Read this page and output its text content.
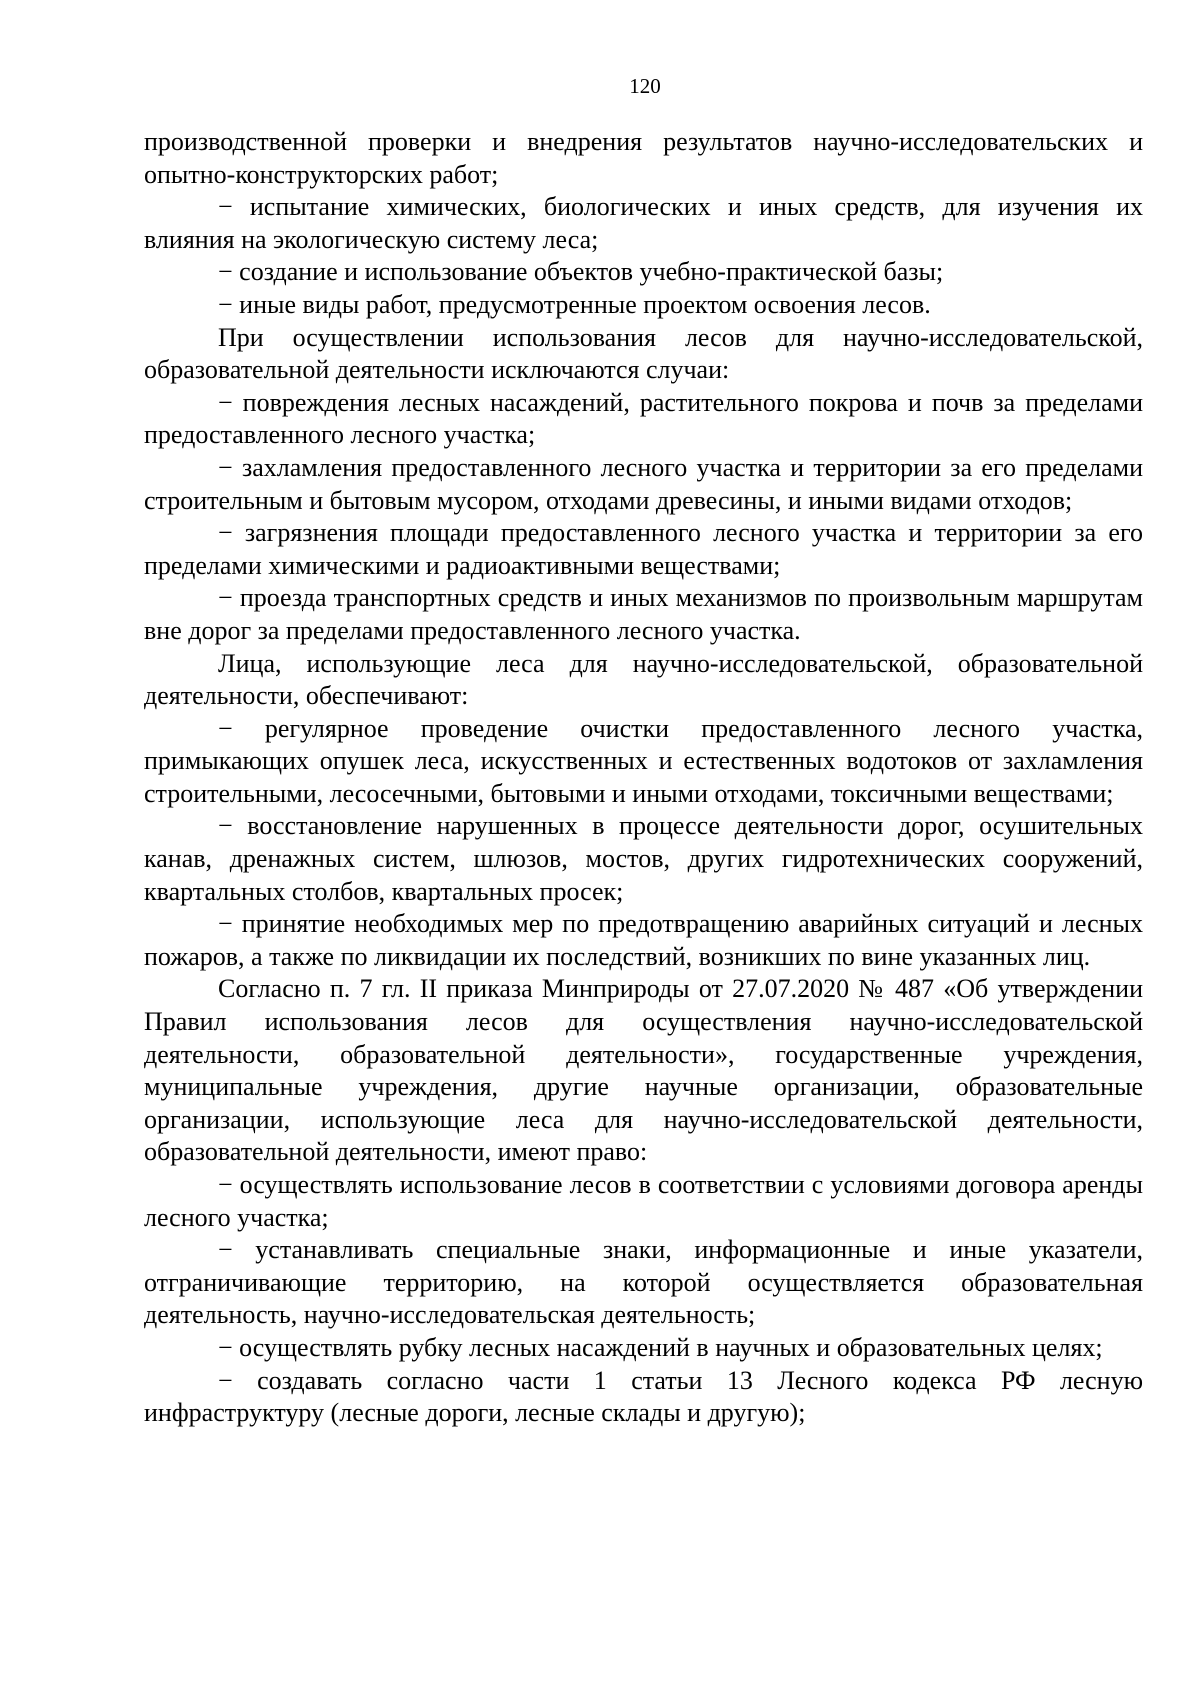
120

производственной проверки и внедрения результатов научно-исследовательских и опытно-конструкторских работ;

− испытание химических, биологических и иных средств, для изучения их влияния на экологическую систему леса;

− создание и использование объектов учебно-практической базы;

− иные виды работ, предусмотренные проектом освоения лесов.

При осуществлении использования лесов для научно-исследовательской, образовательной деятельности исключаются случаи:

− повреждения лесных насаждений, растительного покрова и почв за пределами предоставленного лесного участка;

− захламления предоставленного лесного участка и территории за его пределами строительным и бытовым мусором, отходами древесины, и иными видами отходов;

− загрязнения площади предоставленного лесного участка и территории за его пределами химическими и радиоактивными веществами;

− проезда транспортных средств и иных механизмов по произвольным маршрутам вне дорог за пределами предоставленного лесного участка.

Лица, использующие леса для научно-исследовательской, образовательной деятельности, обеспечивают:

− регулярное проведение очистки предоставленного лесного участка, примыкающих опушек леса, искусственных и естественных водотоков от захламления строительными, лесосечными, бытовыми и иными отходами, токсичными веществами;

− восстановление нарушенных в процессе деятельности дорог, осушительных канав, дренажных систем, шлюзов, мостов, других гидротехнических сооружений, квартальных столбов, квартальных просек;

− принятие необходимых мер по предотвращению аварийных ситуаций и лесных пожаров, а также по ликвидации их последствий, возникших по вине указанных лиц.

Согласно п. 7 гл. II приказа Минприроды от 27.07.2020 № 487 «Об утверждении Правил использования лесов для осуществления научно-исследовательской деятельности, образовательной деятельности», государственные учреждения, муниципальные учреждения, другие научные организации, образовательные организации, использующие леса для научно-исследовательской деятельности, образовательной деятельности, имеют право:

− осуществлять использование лесов в соответствии с условиями договора аренды лесного участка;

− устанавливать специальные знаки, информационные и иные указатели, отграничивающие территорию, на которой осуществляется образовательная деятельность, научно-исследовательская деятельность;

− осуществлять рубку лесных насаждений в научных и образовательных целях;

− создавать согласно части 1 статьи 13 Лесного кодекса РФ лесную инфраструктуру (лесные дороги, лесные склады и другую);
